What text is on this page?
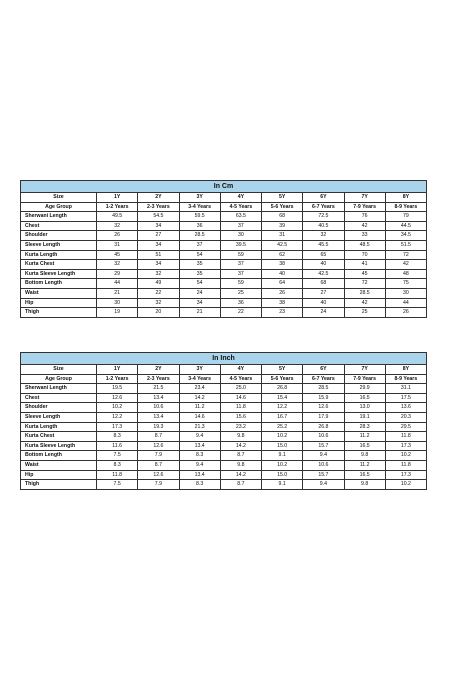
In Cm								
Size	1Y	2Y	3Y	4Y	5Y	6Y	7Y	8Y
Age Group	1-2 Years	2-3 Years	3-4 Years	4-5 Years	5-6 Years	6-7 Years	7-9 Years	8-9 Years
Sherwani Length	49.5	54.5	59.5	63.5	68	72.5	76	79
Chest	32	34	36	37	39	40.5	42	44.5
Shoulder	26	27	28.5	30	31	32	33	34.5
Sleeve Length	31	34	37	39.5	42.5	45.5	48.5	51.5
Kurta Length	45	51	54	59	62	65	70	72
Kurta Chest	32	34	35	37	38	40	41	42
Kurta Sleeve Length	29	32	35	37	40	42.5	45	48
Bottom Length	44	49	54	59	64	68	72	75
Waist	21	22	24	25	26	27	28.5	30
Hip	30	32	34	36	38	40	42	44
Thigh	19	20	21	22	23	24	25	26
In Inch								
Size	1Y	2Y	3Y	4Y	5Y	6Y	7Y	8Y
Age Group	1-2 Years	2-3 Years	3-4 Years	4-5 Years	5-6 Years	6-7 Years	7-9 Years	8-9 Years
Sherwani Length	19.5	21.5	23.4	25.0	26.8	28.5	29.9	31.1
Chest	12.6	13.4	14.2	14.6	15.4	15.9	16.5	17.5
Shoulder	10.2	10.6	11.2	11.8	12.2	12.6	13.0	13.6
Sleeve Length	12.2	13.4	14.6	15.6	16.7	17.9	19.1	20.3
Kurta Length	17.3	19.3	21.3	23.2	25.2	26.8	28.3	29.5
Kurta Chest	8.3	8.7	9.4	9.8	10.2	10.6	11.2	11.8
Kurta Sleeve Length	11.6	12.6	13.4	14.2	15.0	15.7	16.5	17.3
Bottom Length	7.5	7.9	8.3	8.7	9.1	9.4	9.8	10.2
Waist	8.3	8.7	9.4	9.8	10.2	10.6	11.2	11.8
Hip	11.8	12.6	13.4	14.2	15.0	15.7	16.5	17.3
Thigh	7.5	7.9	8.3	8.7	9.1	9.4	9.8	10.2
